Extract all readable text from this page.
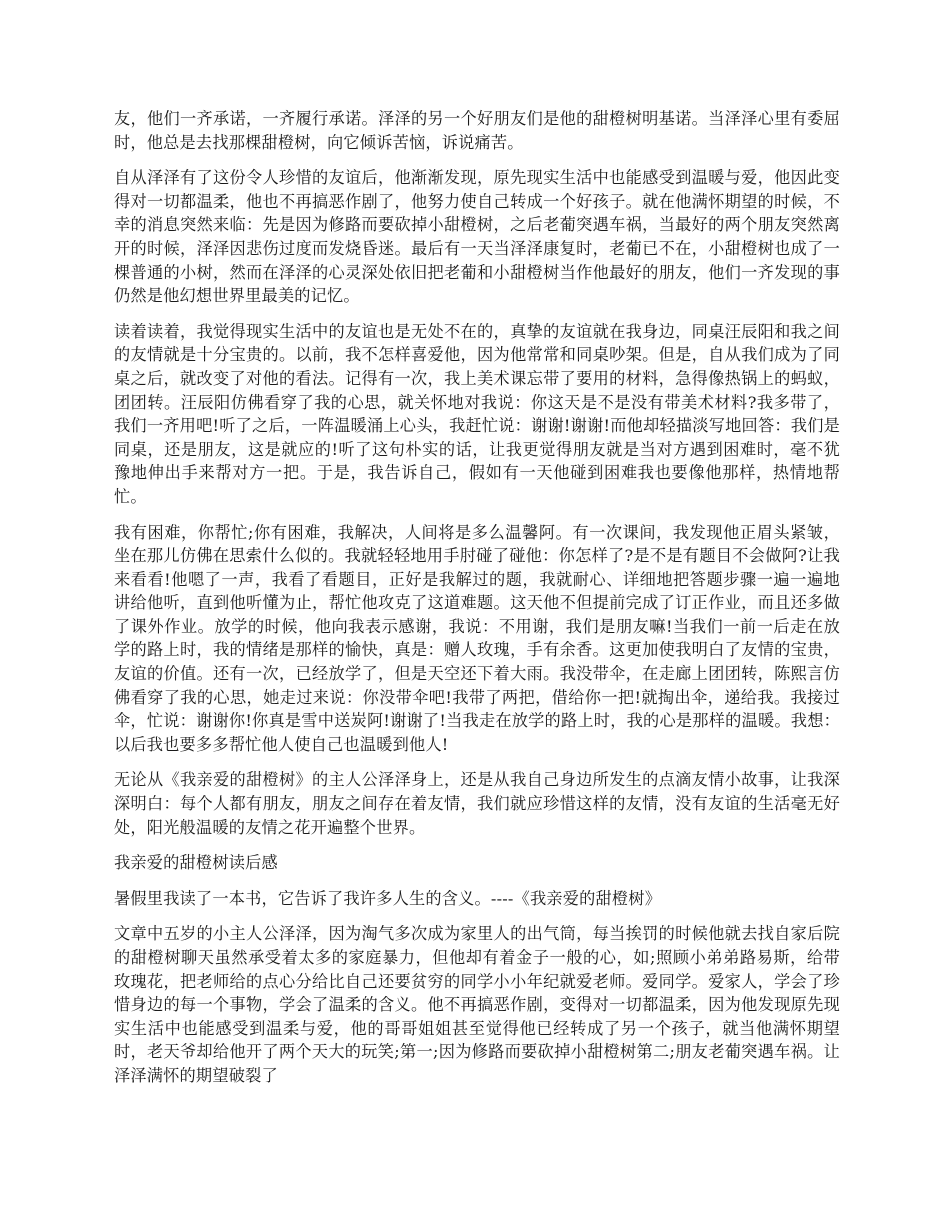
友，他们一齐承诺，一齐履行承诺。泽泽的另一个好朋友们是他的甜橙树明基诺。当泽泽心里有委屈时，他总是去找那棵甜橙树，向它倾诉苦恼，诉说痛苦。

自从泽泽有了这份令人珍惜的友谊后，他渐渐发现，原先现实生活中也能感受到温暖与爱，他因此变得对一切都温柔，他也不再搞恶作剧了，他努力使自己转成一个好孩子。就在他满怀期望的时候，不幸的消息突然来临：先是因为修路而要砍掉小甜橙树，之后老葡突遇车祸，当最好的两个朋友突然离开的时候，泽泽因悲伤过度而发烧昏迷。最后有一天当泽泽康复时，老葡已不在，小甜橙树也成了一棵普通的小树，然而在泽泽的心灵深处依旧把老葡和小甜橙树当作他最好的朋友，他们一齐发现的事仍然是他幻想世界里最美的记忆。

读着读着，我觉得现实生活中的友谊也是无处不在的，真挚的友谊就在我身边，同桌汪辰阳和我之间的友情就是十分宝贵的。以前，我不怎样喜爱他，因为他常常和同桌吵架。但是，自从我们成为了同桌之后，就改变了对他的看法。记得有一次，我上美术课忘带了要用的材料，急得像热锅上的蚂蚁，团团转。汪辰阳仿佛看穿了我的心思，就关怀地对我说：你这天是不是没有带美术材料?我多带了，我们一齐用吧!听了之后，一阵温暖涌上心头，我赶忙说：谢谢!谢谢!而他却轻描淡写地回答：我们是同桌，还是朋友，这是就应的!听了这句朴实的话，让我更觉得朋友就是当对方遇到困难时，毫不犹豫地伸出手来帮对方一把。于是，我告诉自己，假如有一天他碰到困难我也要像他那样，热情地帮忙。

我有困难，你帮忙;你有困难，我解决，人间将是多么温馨阿。有一次课间，我发现他正眉头紧皱，坐在那儿仿佛在思索什么似的。我就轻轻地用手肘碰了碰他：你怎样了?是不是有题目不会做阿?让我来看看!他嗯了一声，我看了看题目，正好是我解过的题，我就耐心、详细地把答题步骤一遍一遍地讲给他听，直到他听懂为止，帮忙他攻克了这道难题。这天他不但提前完成了订正作业，而且还多做了课外作业。放学的时候，他向我表示感谢，我说：不用谢，我们是朋友嘛!当我们一前一后走在放学的路上时，我的情绪是那样的愉快，真是：赠人玫瑰，手有余香。这更加使我明白了友情的宝贵，友谊的价值。还有一次，已经放学了，但是天空还下着大雨。我没带伞，在走廊上团团转，陈熙言仿佛看穿了我的心思，她走过来说：你没带伞吧!我带了两把，借给你一把!就掏出伞，递给我。我接过伞，忙说：谢谢你!你真是雪中送炭阿!谢谢了!当我走在放学的路上时，我的心是那样的温暖。我想：以后我也要多多帮忙他人使自己也温暖到他人!

无论从《我亲爱的甜橙树》的主人公泽泽身上，还是从我自己身边所发生的点滴友情小故事，让我深深明白：每个人都有朋友，朋友之间存在着友情，我们就应珍惜这样的友情，没有友谊的生活毫无好处，阳光般温暖的友情之花开遍整个世界。

我亲爱的甜橙树读后感

暑假里我读了一本书，它告诉了我许多人生的含义。----《我亲爱的甜橙树》

文章中五岁的小主人公泽泽，因为淘气多次成为家里人的出气筒，每当挨罚的时候他就去找自家后院的甜橙树聊天虽然承受着太多的家庭暴力，但他却有着金子一般的心，如;照顾小弟弟路易斯，给带玫瑰花，把老师给的点心分给比自己还要贫穷的同学小小年纪就爱老师。爱同学。爱家人，学会了珍惜身边的每一个事物，学会了温柔的含义。他不再搞恶作剧，变得对一切都温柔，因为他发现原先现实生活中也能感受到温柔与爱，他的哥哥姐姐甚至觉得他已经转成了另一个孩子，就当他满怀期望时，老天爷却给他开了两个天大的玩笑;第一;因为修路而要砍掉小甜橙树第二;朋友老葡突遇车祸。让泽泽满怀的期望破裂了
